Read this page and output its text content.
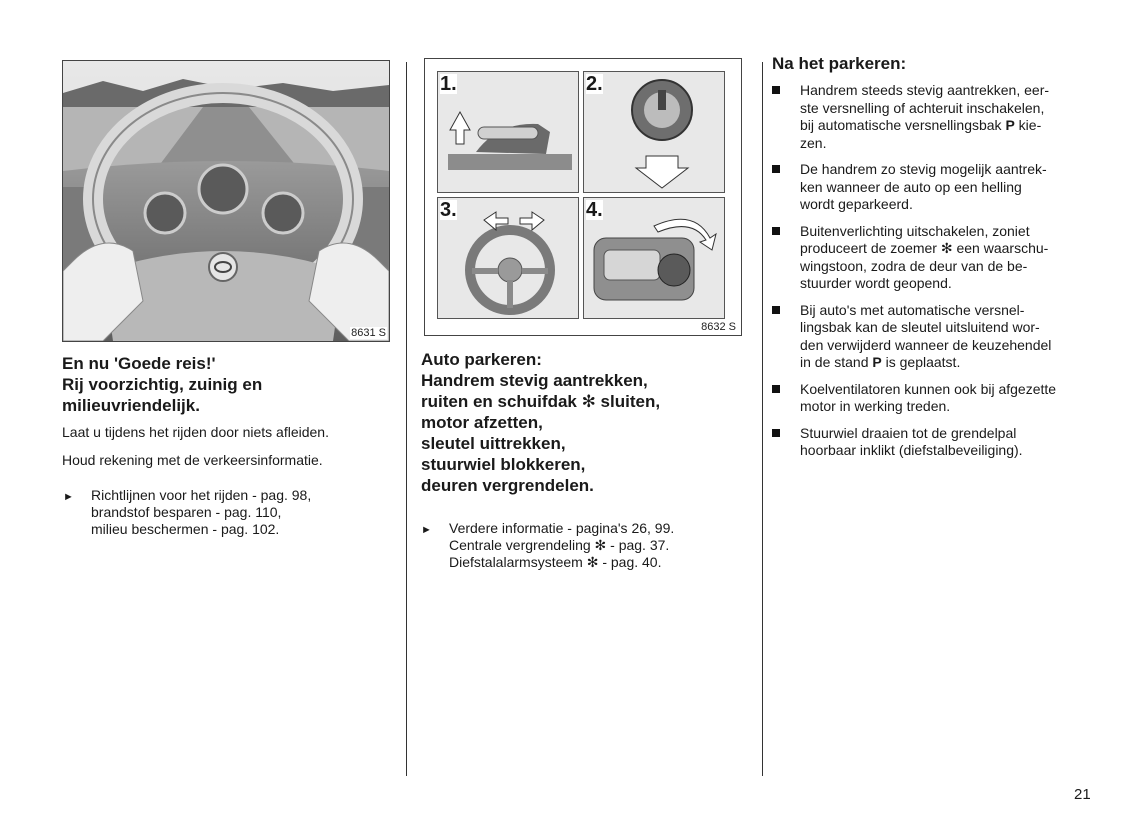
8631 S
1.	2.
3.	4.
8632 S

En nu 'Goede reis!'

Rij voorzichtig, zuinig en

milieuvriendelijk.

Laat u tijdens het rijden door niets afleiden.

Houd rekening met de verkeersinformatie.

► Richtlijnen voor het rijden - pag. 98,
brandstof besparen - pag. 110,
milieu beschermen - pag. 102.

Auto parkeren:

Handrem stevig aantrekken,

ruiten en schuifdak ✻ sluiten,

motor afzetten,

sleutel uittrekken,

stuurwiel blokkeren,

deuren vergrendelen.

► Verdere informatie - pagina's 26, 99.
Centrale vergrendeling ✻ - pag. 37.
Diefstalalarmsysteem ✻ - pag. 40.

Na het parkeren:

Handrem steeds stevig aantrekken, eer-
ste versnelling of achteruit inschakelen,
bij automatische versnellingsbak P kie-
zen.
De handrem zo stevig mogelijk aantrek-
ken wanneer de auto op een helling
wordt geparkeerd.
Buitenverlichting uitschakelen, zoniet
produceert de zoemer ✻ een waarschu-
wingstoon, zodra de deur van de be-
stuurder wordt geopend.
Bij auto's met automatische versnel-
lingsbak kan de sleutel uitsluitend wor-
den verwijderd wanneer de keuzehendel
in de stand P is geplaatst.
Koelventilatoren kunnen ook bij afgezette
motor in werking treden.
Stuurwiel draaien tot de grendelpal
hoorbaar inklikt (diefstalbeveiliging).
21
